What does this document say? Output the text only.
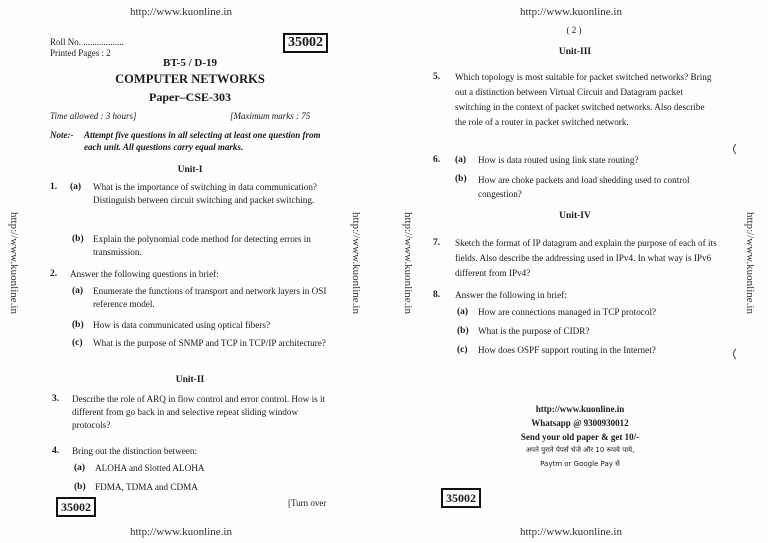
http://www.kuonline.in	http://www.kuonline.in
http://www.kuonline.in	http://www.kuonline.in
http://www.kuonline.in	http://www.kuonline.in	http://www.kuonline.in	http://www.kuonline.in
Roll No. ..................
Printed Pages : 2
35002
BT-5 / D-19
COMPUTER NETWORKS
Paper–CSE-303
Time allowed : 3 hours]	[Maximum marks : 75
Note:- Attempt five questions in all selecting at least one question from each unit. All questions carry equal marks.
Unit-I
1. (a) What is the importance of switching in data communication? Distinguish between circuit switching and packet switching.
(b) Explain the polynomial code method for detecting errors in transmission.
2. Answer the following questions in brief:
(a) Enumerate the functions of transport and network layers in OSI reference model.
(b) How is data communicated using optical fibers?
(c) What is the purpose of SNMP and TCP in TCP/IP architecture?
Unit-II
3. Describe the role of ARQ in flow control and error control. How is it different from go back in and selective repeat sliding window protocols?
4. Bring out the distinction between:
(a) ALOHA and Slotted ALOHA
(b) FDMA, TDMA and CDMA
35002	[Turn over
( 2 )
Unit-III
5. Which topology is most suitable for packet switched networks? Bring out a distinction between Virtual Circuit and Datagram packet switching in the context of packet switched networks. Also describe the role of a router in packet switched network.
6. (a) How is data routed using link state routing?
(b) How are choke packets and load shedding used to control congestion?
Unit-IV
7. Sketch the format of IP datagram and explain the purpose of each of its fields. Also describe the addressing used in IPv4. In what way is IPv6 different from IPv4?
8. Answer the following in brief:
(a) How are connections managed in TCP protocol?
(b) What is the purpose of CIDR?
(c) How does OSPF support routing in the Internet?
http://www.kuonline.in
Whatsapp @ 9300930012
Send your old paper & get 10/-
अपने पुराने पेपर्स भेजे और 10 रूपये पाये,
Paytm or Google Pay से
35002
